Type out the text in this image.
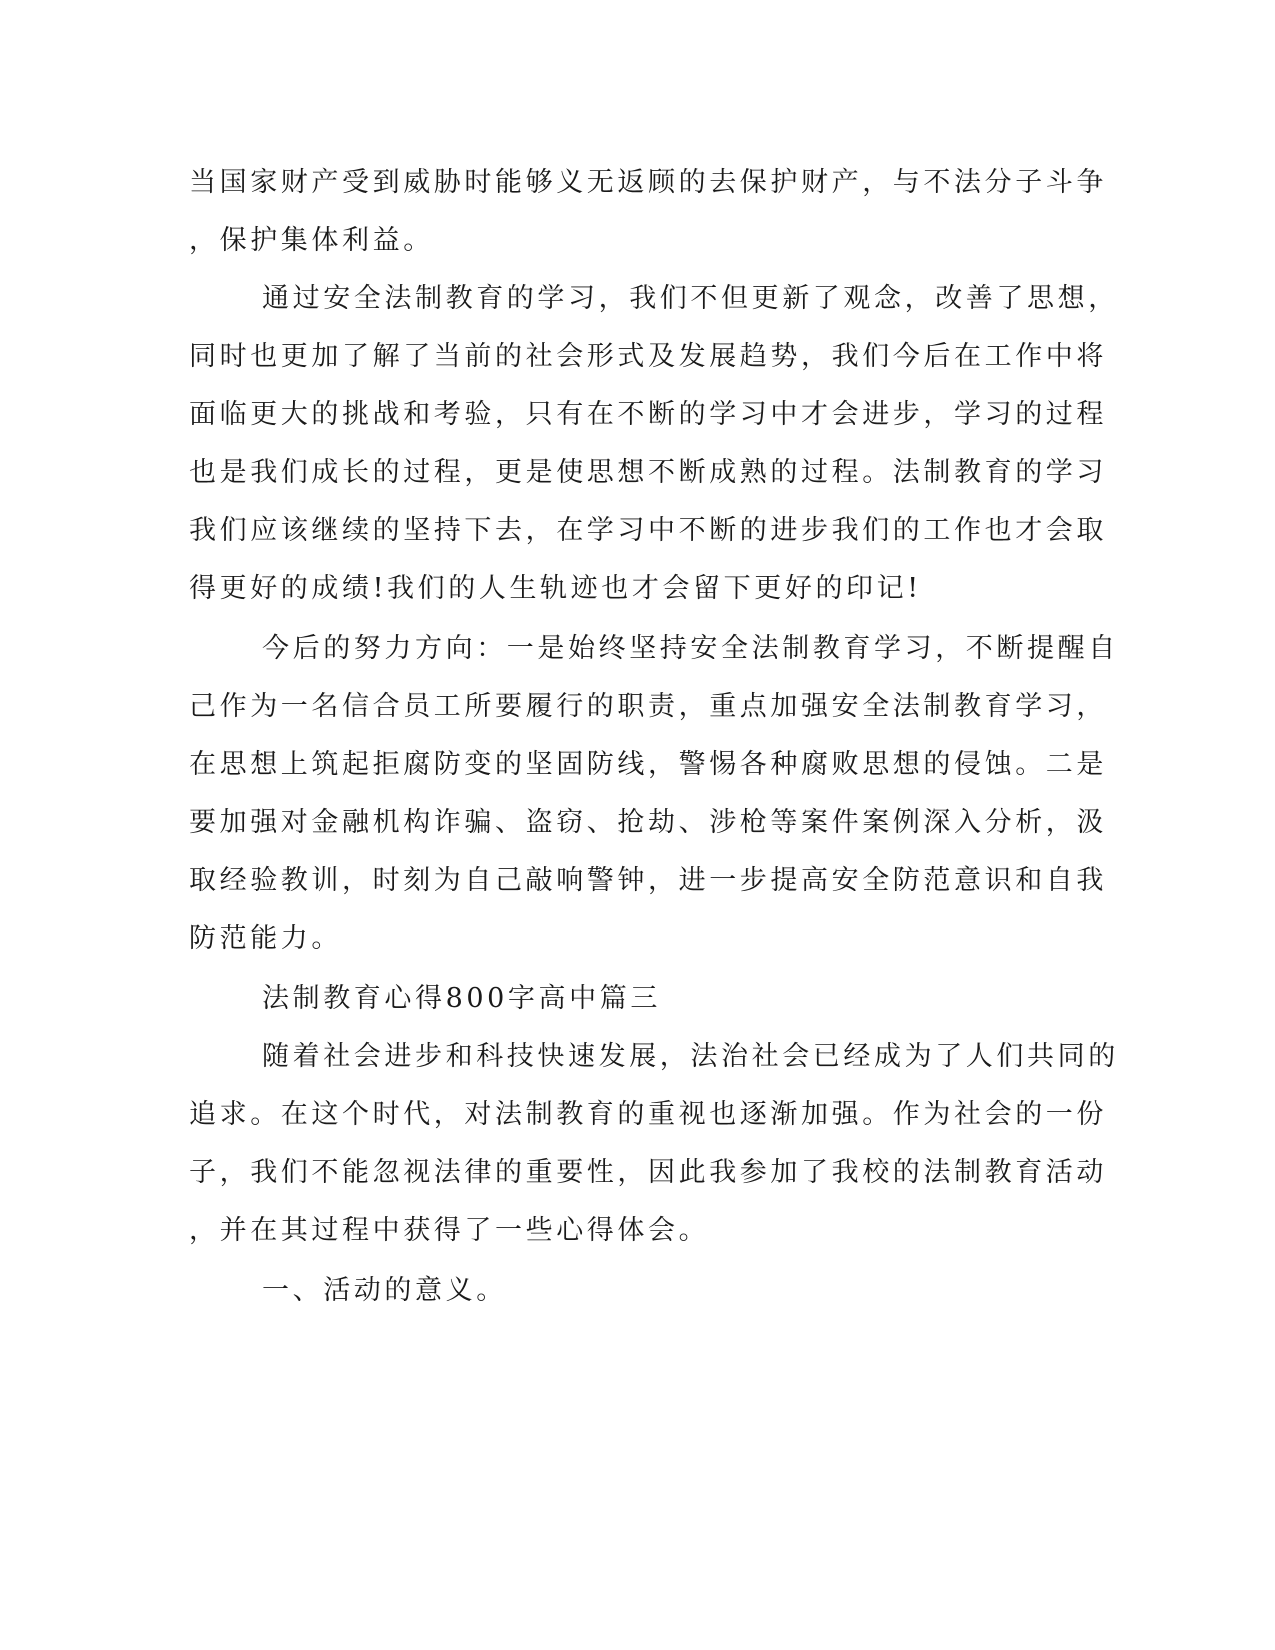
当国家财产受到威胁时能够义无返顾的去保护财产，与不法分子斗争

，保护集体利益。

通过安全法制教育的学习，我们不但更新了观念，改善了思想，

同时也更加了解了当前的社会形式及发展趋势，我们今后在工作中将

面临更大的挑战和考验，只有在不断的学习中才会进步，学习的过程

也是我们成长的过程，更是使思想不断成熟的过程。法制教育的学习

我们应该继续的坚持下去，在学习中不断的进步我们的工作也才会取

得更好的成绩!我们的人生轨迹也才会留下更好的印记!

今后的努力方向：一是始终坚持安全法制教育学习，不断提醒自

己作为一名信合员工所要履行的职责，重点加强安全法制教育学习，

在思想上筑起拒腐防变的坚固防线，警惕各种腐败思想的侵蚀。二是

要加强对金融机构诈骗、盗窃、抢劫、涉枪等案件案例深入分析，汲

取经验教训，时刻为自己敲响警钟，进一步提高安全防范意识和自我

防范能力。

法制教育心得800字高中篇三

随着社会进步和科技快速发展，法治社会已经成为了人们共同的

追求。在这个时代，对法制教育的重视也逐渐加强。作为社会的一份

子，我们不能忽视法律的重要性，因此我参加了我校的法制教育活动

，并在其过程中获得了一些心得体会。

一、活动的意义。
